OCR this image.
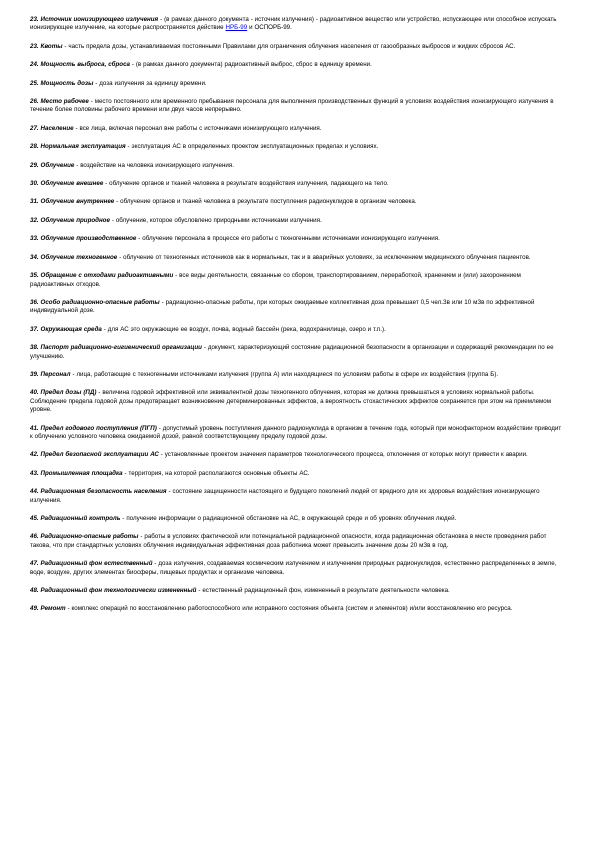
23. Источник ионизирующего излучения - (в рамках данного документа - источник излучения) - радиоактивное вещество или устройство, испускающее или способное испускать ионизирующее излучение, на которые распространяется действие НРБ-99 и ОСПОРБ-99.

23. Квоты - часть предела дозы, устанавливаемая постоянными Правилами для ограничения облучения населения от газообразных выбросов и жидких сбросов АС.

24. Мощность выброса, сброса - (в рамках данного документа) радиоактивный выброс, сброс в единицу времени.

25. Мощность дозы - доза излучения за единицу времени.

26. Место рабочее - место постоянного или временного пребывания персонала для выполнения производственных функций в условиях воздействия ионизирующего излучения в течение более половины рабочего времени или двух часов непрерывно.

27. Население - все лица, включая персонал вне работы с источниками ионизирующего излучения.

28. Нормальная эксплуатация - эксплуатация АС в определенных проектом эксплуатационных пределах и условиях.

29. Облучение - воздействие на человека ионизирующего излучения.

30. Облучение внешнее - облучение органов и тканей человека в результате воздействия излучения, падающего на тело.

31. Облучение внутреннее - облучение органов и тканей человека в результате поступления радионуклидов в организм человека.

32. Облучение природное - облучение, которое обусловлено природными источниками излучения.

33. Облучение производственное - облучение персонала в процессе его работы с техногенными источниками ионизирующего излучения.

34. Облучение техногенное - облучение от техногенных источников как в нормальных, так и в аварийных условиях, за исключением медицинского облучения пациентов.

35. Обращение с отходами радиоактивными - все виды деятельности, связанные со сбором, транспортированием, переработкой, хранением и (или) захоронением радиоактивных отходов.

36. Особо радиационно-опасные работы - радиационно-опасные работы, при которых ожидаемые коллективная доза превышает 0,5 чел.Зв или 10 мЗв по эффективной индивидуальной дозе.

37. Окружающая среда - для АС это окружающие ее воздух, почва, водный бассейн (река, водохранилище, озеро и т.п.).

38. Паспорт радиационно-гигиенический организации - документ, характеризующий состояние радиационной безопасности в организации и содержащий рекомендации по ее улучшению.

39. Персонал - лица, работающие с техногенными источниками излучения (группа А) или находящиеся по условиям работы в сфере их воздействия (группа Б).

40. Предел дозы (ПД) - величина годовой эффективной или эквивалентной дозы техногенного облучения, которая не должна превышаться в условиях нормальной работы. Соблюдение предела годовой дозы предотвращает возникновение детерминированных эффектов, а вероятность стохастических эффектов сохраняется при этом на приемлемом уровне.

41. Предел годового поступления (ПГП) - допустимый уровень поступления данного радионуклида в организм в течение года, который при монофакторном воздействии приводит к облучению условного человека ожидаемой дозой, равной соответствующему пределу годовой дозы.

42. Предел безопасной эксплуатации АС - установленные проектом значения параметров технологического процесса, отклонения от которых могут привести к аварии.

43. Промышленная площадка - территория, на которой располагаются основные объекты АС.

44. Радиационная безопасность населения - состояние защищенности настоящего и будущего поколений людей от вредного для их здоровья воздействия ионизирующего излучения.

45. Радиационный контроль - получение информации о радиационной обстановке на АС, в окружающей среде и об уровнях облучения людей.

46. Радиационно-опасные работы - работы в условиях фактической или потенциальной радиационной опасности, когда радиационная обстановка в месте проведения работ такова, что при стандартных условиях облучения индивидуальная эффективная доза работника может превысить значение дозы 20 мЗв в год.

47. Радиационный фон естественный - доза излучения, создаваемая космическим излучением и излучением природных радионуклидов, естественно распределенных в земле, воде, воздухе, других элементах биосферы, пищевых продуктах и организме человека.

48. Радиационный фон технологически измененный - естественный радиационный фон, измененный в результате деятельности человека.

49. Ремонт - комплекс операций по восстановлению работоспособного или исправного состояния объекта (систем и элементов) и/или восстановлению его ресурса.
